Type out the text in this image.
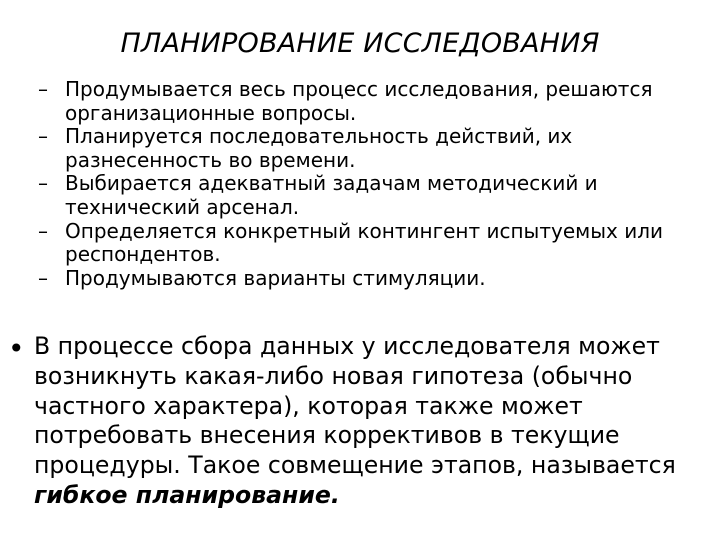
ПЛАНИРОВАНИЕ ИССЛЕДОВАНИЯ
– Продумывается весь процесс исследования, решаются
организационные вопросы.
– Планируется последовательность действий, их
разнесенность во времени.
– Выбирается адекватный задачам методический и
технический арсенал.
– Определяется конкретный контингент испытуемых или
респондентов.
– Продумываются варианты стимуляции.
• В процессе сбора данных у исследователя может
возникнуть какая-либо новая гипотеза (обычно
частного характера), которая также может
потребовать внесения коррективов в текущие
процедуры. Такое совмещение этапов, называется
гибкое планирование.
